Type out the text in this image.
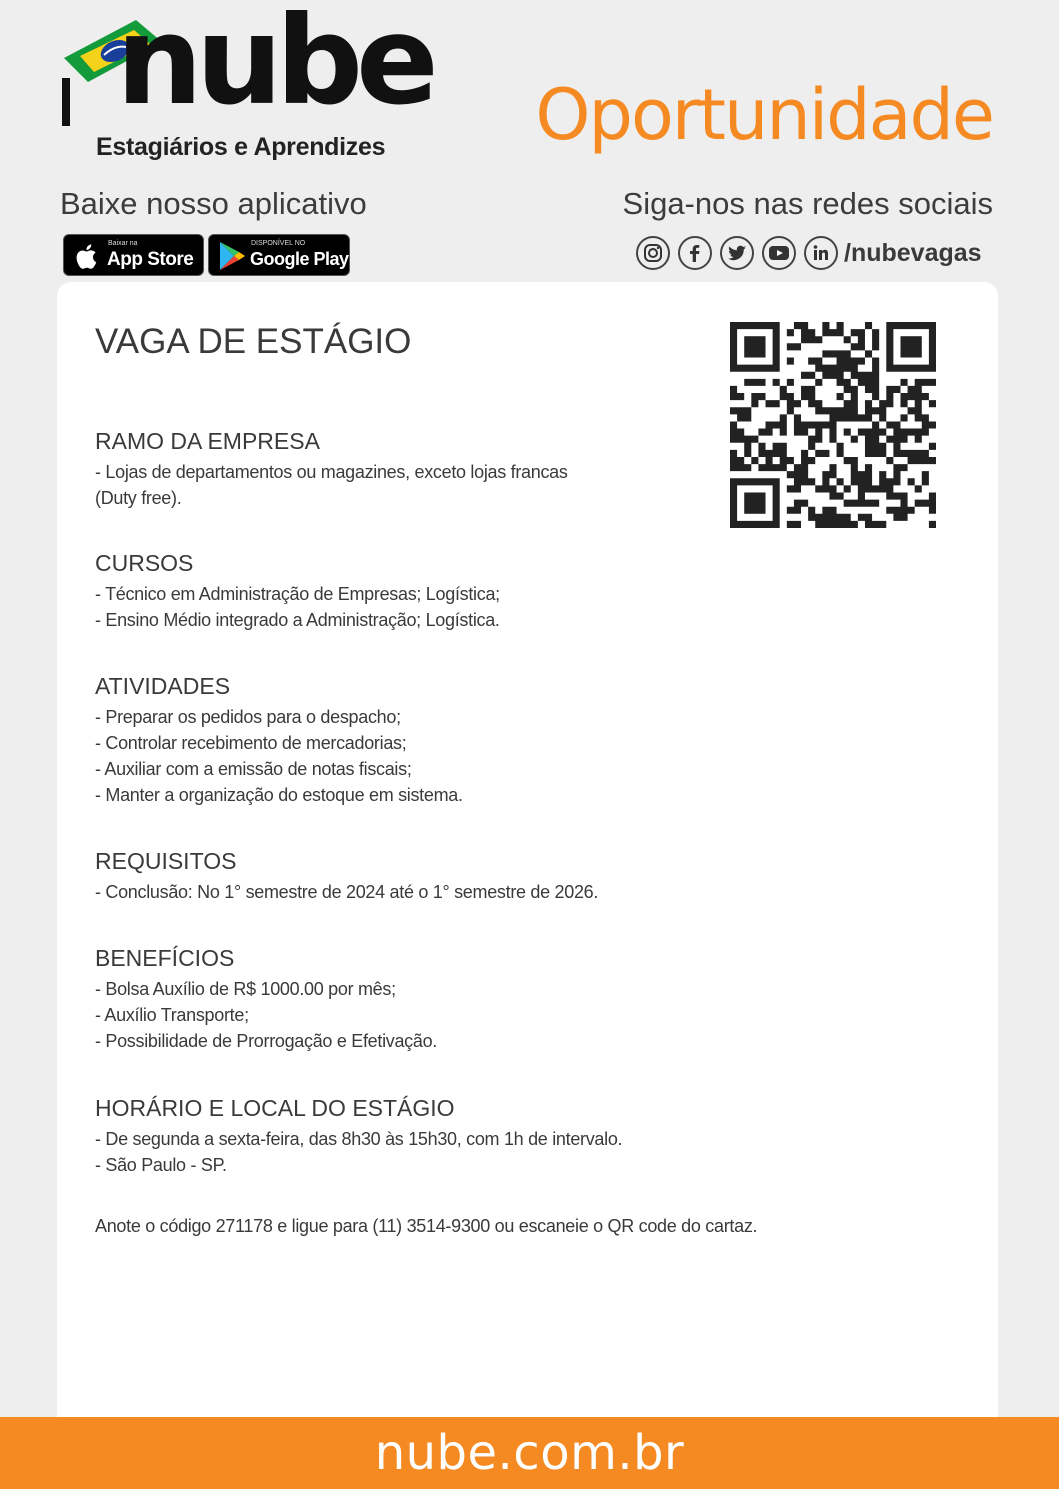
nube
Estagiários e Aprendizes Oportunidade
Baixe nosso aplicativo	Siga-nos nas redes sociais
Baixar na
App Store
DISPONÍVEL NO
Google Play	/nubevagas
VAGA DE ESTÁGIO
RAMO DA EMPRESA
- Lojas de departamentos ou magazines, exceto lojas francas
(Duty free).
CURSOS
- Técnico em Administração de Empresas; Logística;
- Ensino Médio integrado a Administração; Logística.
ATIVIDADES
- Preparar os pedidos para o despacho;
- Controlar recebimento de mercadorias;
- Auxiliar com a emissão de notas fiscais;
- Manter a organização do estoque em sistema.
REQUISITOS
- Conclusão: No 1° semestre de 2024 até o 1° semestre de 2026.
BENEFÍCIOS
- Bolsa Auxílio de R$ 1000.00 por mês;
- Auxílio Transporte;
- Possibilidade de Prorrogação e Efetivação.
HORÁRIO E LOCAL DO ESTÁGIO
- De segunda a sexta-feira, das 8h30 às 15h30, com 1h de intervalo.
- São Paulo - SP.
Anote o código 271178 e ligue para (11) 3514-9300 ou escaneie o QR code do cartaz.
nube.com.br
